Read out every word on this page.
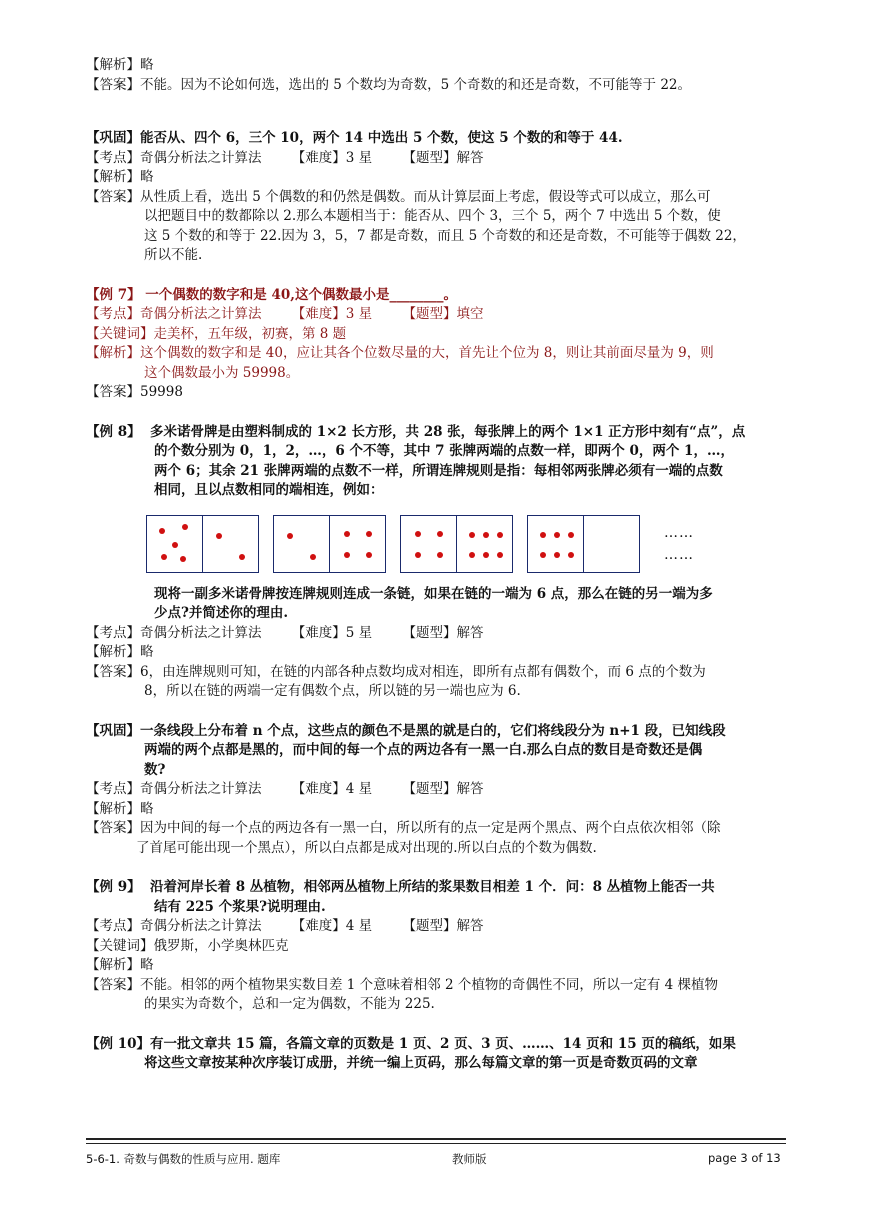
【解析】略
【答案】不能。因为不论如何选，选出的 5 个数均为奇数，5 个奇数的和还是奇数，不可能等于 22。
【巩固】能否从、四个 6，三个 10，两个 14 中选出 5 个数，使这 5 个数的和等于 44.
【考点】奇偶分析法之计算法 【难度】3 星 【题型】解答
【解析】略
【答案】从性质上看，选出 5 个偶数的和仍然是偶数。而从计算层面上考虑，假设等式可以成立，那么可
以把题目中的数都除以 2.那么本题相当于：能否从、四个 3，三个 5，两个 7 中选出 5 个数，使
这 5 个数的和等于 22.因为 3，5，7 都是奇数，而且 5 个奇数的和还是奇数，不可能等于偶数 22，
所以不能.
【例 7】 一个偶数的数字和是 40,这个偶数最小是________。
【考点】奇偶分析法之计算法 【难度】3 星 【题型】填空
【关键词】走美杯，五年级，初赛，第 8 题
【解析】这个偶数的数字和是 40，应让其各个位数尽量的大，首先让个位为 8，则让其前面尽量为 9，则
这个偶数最小为 59998。
【答案】59998
【例 8】 多米诺骨牌是由塑料制成的 1×2 长方形，共 28 张，每张牌上的两个 1×1 正方形中刻有“点”，点
的个数分别为 0，1，2，…，6 个不等，其中 7 张牌两端的点数一样，即两个 0，两个 1，…，
两个 6；其余 21 张牌两端的点数不一样，所谓连牌规则是指：每相邻两张牌必须有一端的点数
相同，且以点数相同的端相连，例如：
……
……
现将一副多米诺骨牌按连牌规则连成一条链，如果在链的一端为 6 点，那么在链的另一端为多
少点?并简述你的理由.
【考点】奇偶分析法之计算法 【难度】5 星 【题型】解答
【解析】略
【答案】6，由连牌规则可知，在链的内部各种点数均成对相连，即所有点都有偶数个，而 6 点的个数为
8，所以在链的两端一定有偶数个点，所以链的另一端也应为 6.
【巩固】一条线段上分布着 n 个点，这些点的颜色不是黑的就是白的，它们将线段分为 n+1 段，已知线段
两端的两个点都是黑的，而中间的每一个点的两边各有一黑一白.那么白点的数目是奇数还是偶
数?
【考点】奇偶分析法之计算法 【难度】4 星 【题型】解答
【解析】略
【答案】因为中间的每一个点的两边各有一黑一白，所以所有的点一定是两个黑点、两个白点依次相邻（除
了首尾可能出现一个黑点），所以白点都是成对出现的.所以白点的个数为偶数.
【例 9】 沿着河岸长着 8 丛植物，相邻两丛植物上所结的浆果数目相差 1 个．问：8 丛植物上能否一共
结有 225 个浆果?说明理由.
【考点】奇偶分析法之计算法 【难度】4 星 【题型】解答
【关键词】俄罗斯，小学奥林匹克
【解析】略
【答案】不能。相邻的两个植物果实数目差 1 个意味着相邻 2 个植物的奇偶性不同，所以一定有 4 棵植物
的果实为奇数个，总和一定为偶数，不能为 225.
【例 10】有一批文章共 15 篇，各篇文章的页数是 1 页、2 页、3 页、……、14 页和 15 页的稿纸，如果
将这些文章按某种次序装订成册，并统一编上页码，那么每篇文章的第一页是奇数页码的文章
5-6-1. 奇数与偶数的性质与应用. 题库	教师版	page 3 of 13
